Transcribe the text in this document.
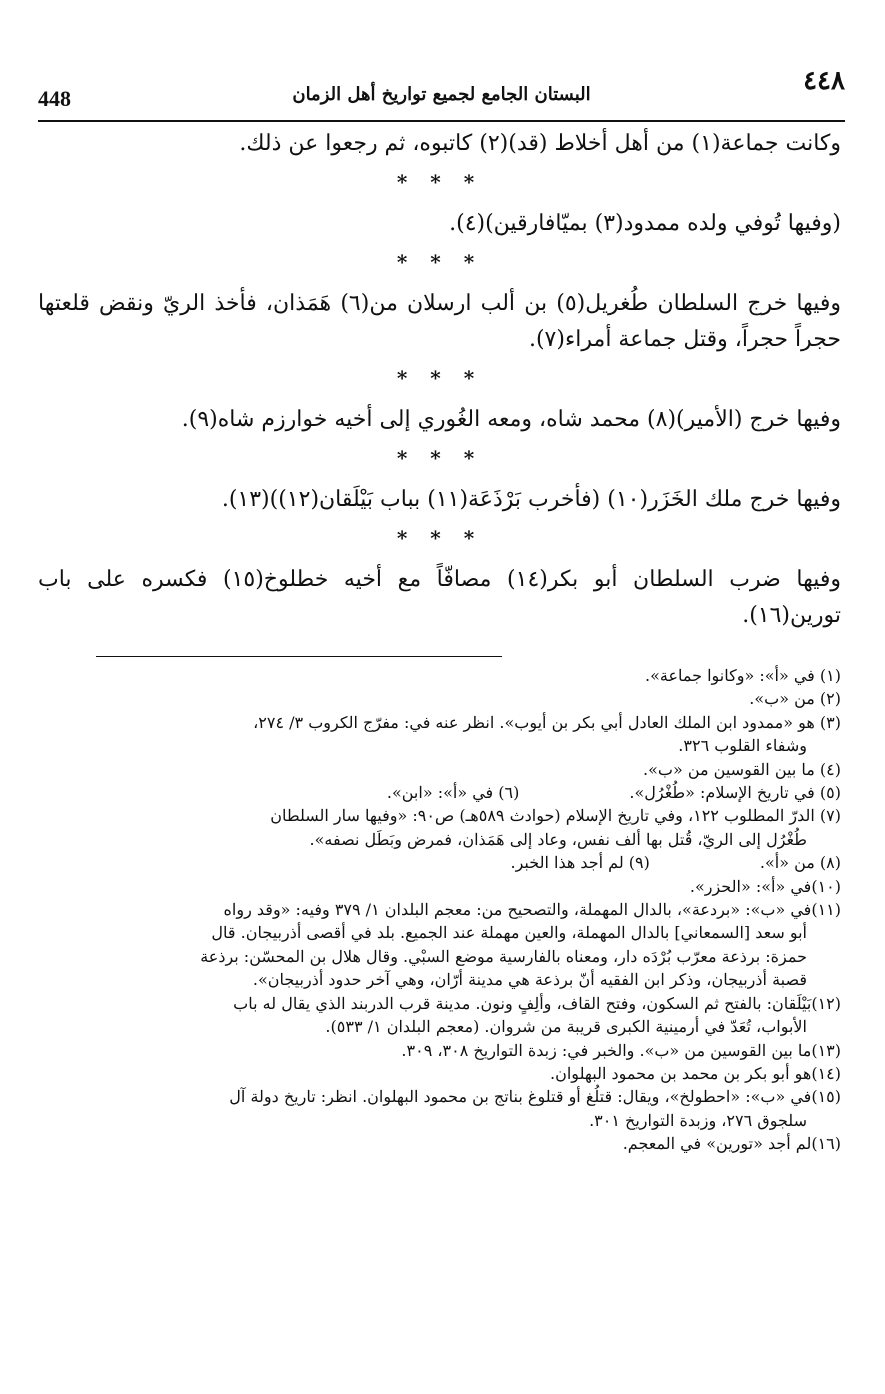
448	البستان الجامع لجميع تواريخ أهل الزمان	٤٤٨

وكانت جماعة(١) من أهل أخلاط (قد)(٢) كاتبوه، ثم رجعوا عن ذلك.

* * *

(وفيها تُوفي ولده ممدود(٣) بميّافارقين)(٤).

* * *

وفيها خرج السلطان طُغريل(٥) بن ألب ارسلان من(٦) هَمَذان، فأخذ الريّ ونقض قلعتها حجراً حجراً، وقتل جماعة أمراء(٧).

* * *

وفيها خرج (الأمير)(٨) محمد شاه، ومعه الغُوري إلى أخيه خوارزم شاه(٩).

* * *

وفيها خرج ملك الخَزَر(١٠) (فأخرب بَرْذَعَة(١١) بباب بَيْلَقان(١٢))(١٣).

* * *

وفيها ضرب السلطان أبو بكر(١٤) مصافّاً مع أخيه خطلوخ(١٥) فكسره على باب تورين(١٦).

(١) في «أ»: «وكانوا جماعة».

(٢) من «ب».

(٣) هو «ممدود ابن الملك العادل أبي بكر بن أيوب». انظر عنه في: مفرّج الكروب ٣/ ٢٧٤،

وشفاء القلوب ٣٢٦.

(٤) ما بين القوسين من «ب».

(٥) في تاريخ الإسلام: «طُغْرُل».
(٦) في «أ»: «ابن».

(٧) الدرّ المطلوب ١٢٢، وفي تاريخ الإسلام (حوادث ٥٨٩هـ) ص٩٠: «وفيها سار السلطان

طُغْرُل إلى الريّ، قُتل بها ألف نفس، وعاد إلى هَمَذان، فمرض وبَطَل نصفه».

(٨) من «أ».
(٩) لم أجد هذا الخبر.

(١٠)في «أ»: «الحزر».

(١١)في «ب»: «بردعة»، بالدال المهملة، والتصحيح من: معجم البلدان ١/ ٣٧٩ وفيه: «وقد رواه

أبو سعد [السمعاني] بالدال المهملة، والعين مهملة عند الجميع. بلد في أقصى أذربيجان. قال

حمزة: برذعة معرّب بُرْدَه دار، ومعناه بالفارسية موضع السبْي. وقال هلال بن المحسّن: برذعة

قصبة أذربيجان، وذكر ابن الفقيه أنّ برذعة هي مدينة أرّان، وهي آخر حدود أذربيجان».

(١٢)بَيْلَقان: بالفتح ثم السكون، وفتح القاف، وألِفٍ ونون. مدينة قرب الدربند الذي يقال له باب

الأبواب، تُعَدّ في أرمينية الكبرى قريبة من شروان. (معجم البلدان ١/ ٥٣٣).

(١٣)ما بين القوسين من «ب». والخبر في: زبدة التواريخ ٣٠٨، ٣٠٩.

(١٤)هو أبو بكر بن محمد بن محمود البهلوان.

(١٥)في «ب»: «احطولخ»، ويقال: قتلُغ أو قتلوغ بناتج بن محمود البهلوان. انظر: تاريخ دولة آل

سلجوق ٢٧٦، وزبدة التواريخ ٣٠١.

(١٦)لم أجد «تورين» في المعجم.
